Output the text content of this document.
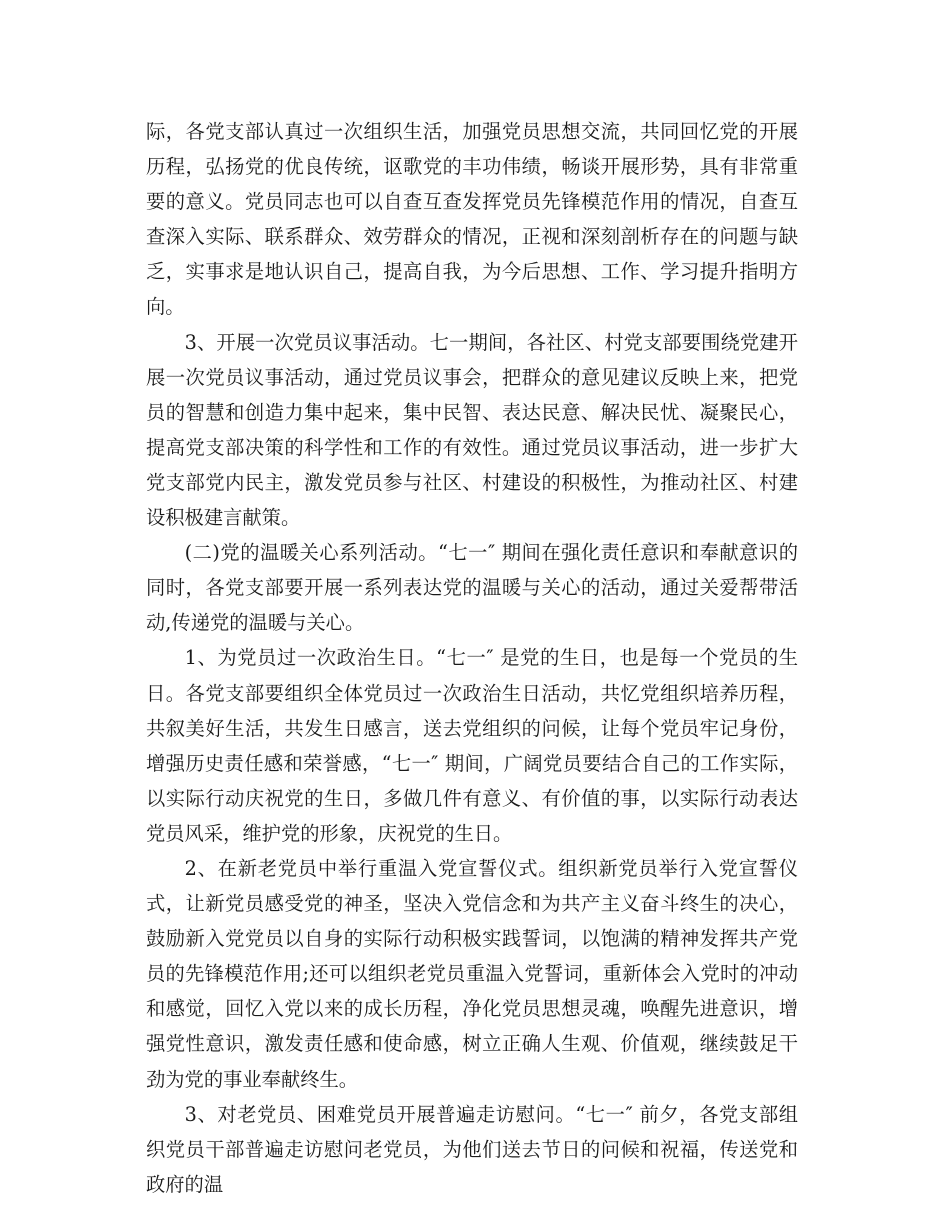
际，各党支部认真过一次组织生活，加强党员思想交流，共同回忆党的开展历程，弘扬党的优良传统，讴歌党的丰功伟绩，畅谈开展形势，具有非常重要的意义。党员同志也可以自查互查发挥党员先锋模范作用的情况，自查互查深入实际、联系群众、效劳群众的情况，正视和深刻剖析存在的问题与缺乏，实事求是地认识自己，提高自我，为今后思想、工作、学习提升指明方向。

3、开展一次党员议事活动。七一期间，各社区、村党支部要围绕党建开展一次党员议事活动，通过党员议事会，把群众的意见建议反映上来，把党员的智慧和创造力集中起来，集中民智、表达民意、解决民忧、凝聚民心，提高党支部决策的科学性和工作的有效性。通过党员议事活动，进一步扩大党支部党内民主，激发党员参与社区、村建设的积极性，为推动社区、村建设积极建言献策。

(二)党的温暖关心系列活动。“七一″ 期间在强化责任意识和奉献意识的同时，各党支部要开展一系列表达党的温暖与关心的活动，通过关爱帮带活动,传递党的温暖与关心。

1、为党员过一次政治生日。“七一″ 是党的生日，也是每一个党员的生日。各党支部要组织全体党员过一次政治生日活动，共忆党组织培养历程，共叙美好生活，共发生日感言，送去党组织的问候，让每个党员牢记身份，增强历史责任感和荣誉感，“七一″ 期间，广阔党员要结合自己的工作实际，以实际行动庆祝党的生日，多做几件有意义、有价值的事，以实际行动表达党员风采，维护党的形象，庆祝党的生日。

2、在新老党员中举行重温入党宣誓仪式。组织新党员举行入党宣誓仪式，让新党员感受党的神圣，坚决入党信念和为共产主义奋斗终生的决心，鼓励新入党党员以自身的实际行动积极实践誓词，以饱满的精神发挥共产党员的先锋模范作用;还可以组织老党员重温入党誓词，重新体会入党时的冲动和感觉，回忆入党以来的成长历程，净化党员思想灵魂，唤醒先进意识，增强党性意识，激发责任感和使命感，树立正确人生观、价值观，继续鼓足干劲为党的事业奉献终生。

3、对老党员、困难党员开展普遍走访慰问。“七一″ 前夕，各党支部组织党员干部普遍走访慰问老党员，为他们送去节日的问候和祝福，传送党和政府的温
